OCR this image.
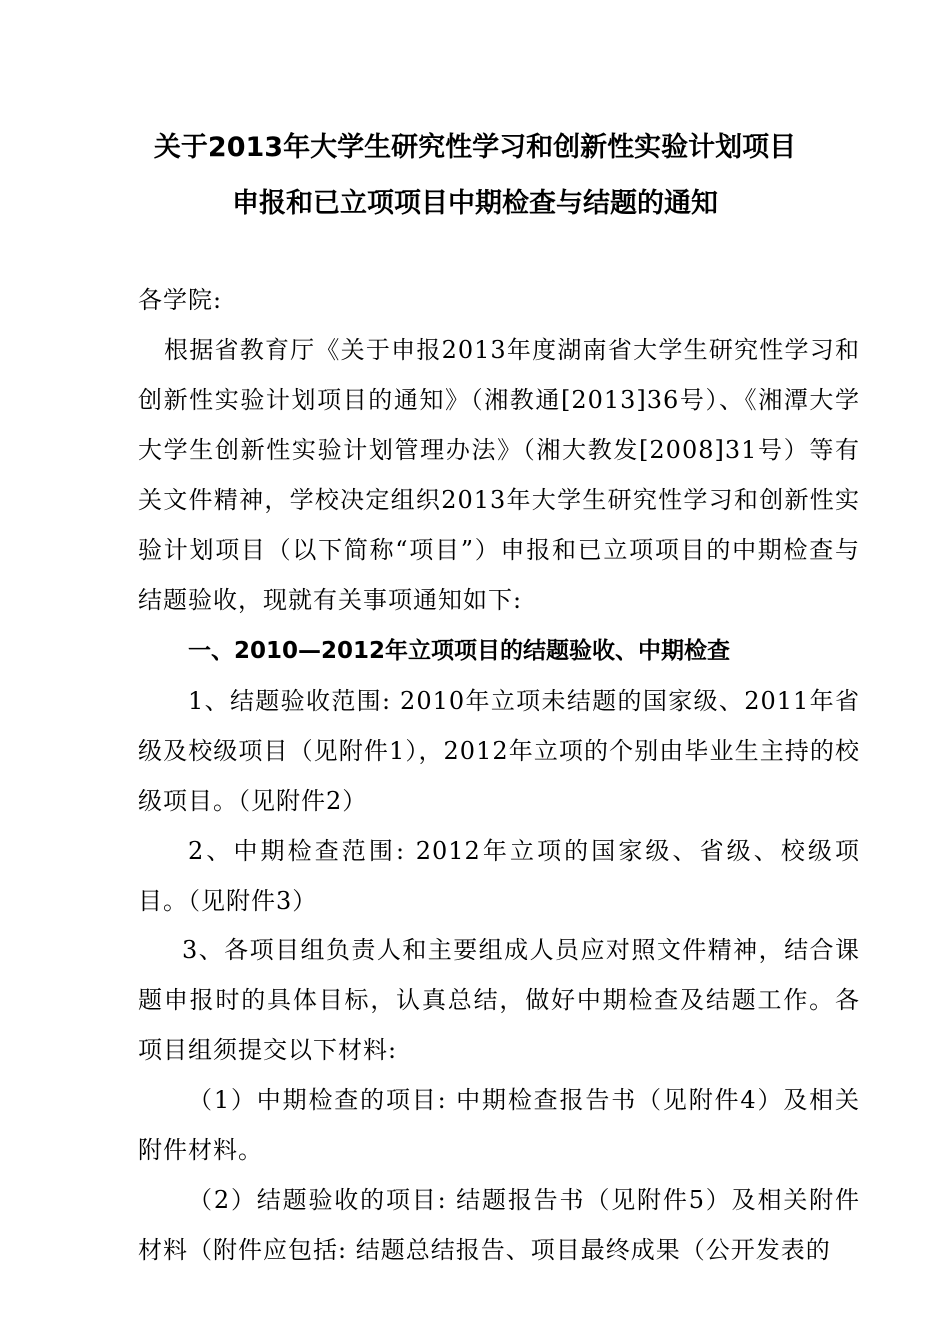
关于2013年大学生研究性学习和创新性实验计划项目
申报和已立项项目中期检查与结题的通知

各学院:

根据省教育厅《关于申报2013年度湖南省大学生研究性学习和创新性实验计划项目的通知》（湘教通[2013]36号）、《湘潭大学大学生创新性实验计划管理办法》（湘大教发[2008]31号）等有关文件精神，学校决定组织2013年大学生研究性学习和创新性实验计划项目（以下简称“项目”）申报和已立项项目的中期检查与结题验收，现就有关事项通知如下:

一、2010—2012年立项项目的结题验收、中期检查

1、结题验收范围: 2010年立项未结题的国家级、2011年省级及校级项目（见附件1），2012年立项的个别由毕业生主持的校级项目。（见附件2）

2、中期检查范围: 2012年立项的国家级、省级、校级项目。（见附件3）

3、各项目组负责人和主要组成人员应对照文件精神，结合课题申报时的具体目标，认真总结，做好中期检查及结题工作。各项目组须提交以下材料:

（1）中期检查的项目: 中期检查报告书（见附件4）及相关附件材料。

（2）结题验收的项目: 结题报告书（见附件5）及相关附件材料（附件应包括: 结题总结报告、项目最终成果（公开发表的
